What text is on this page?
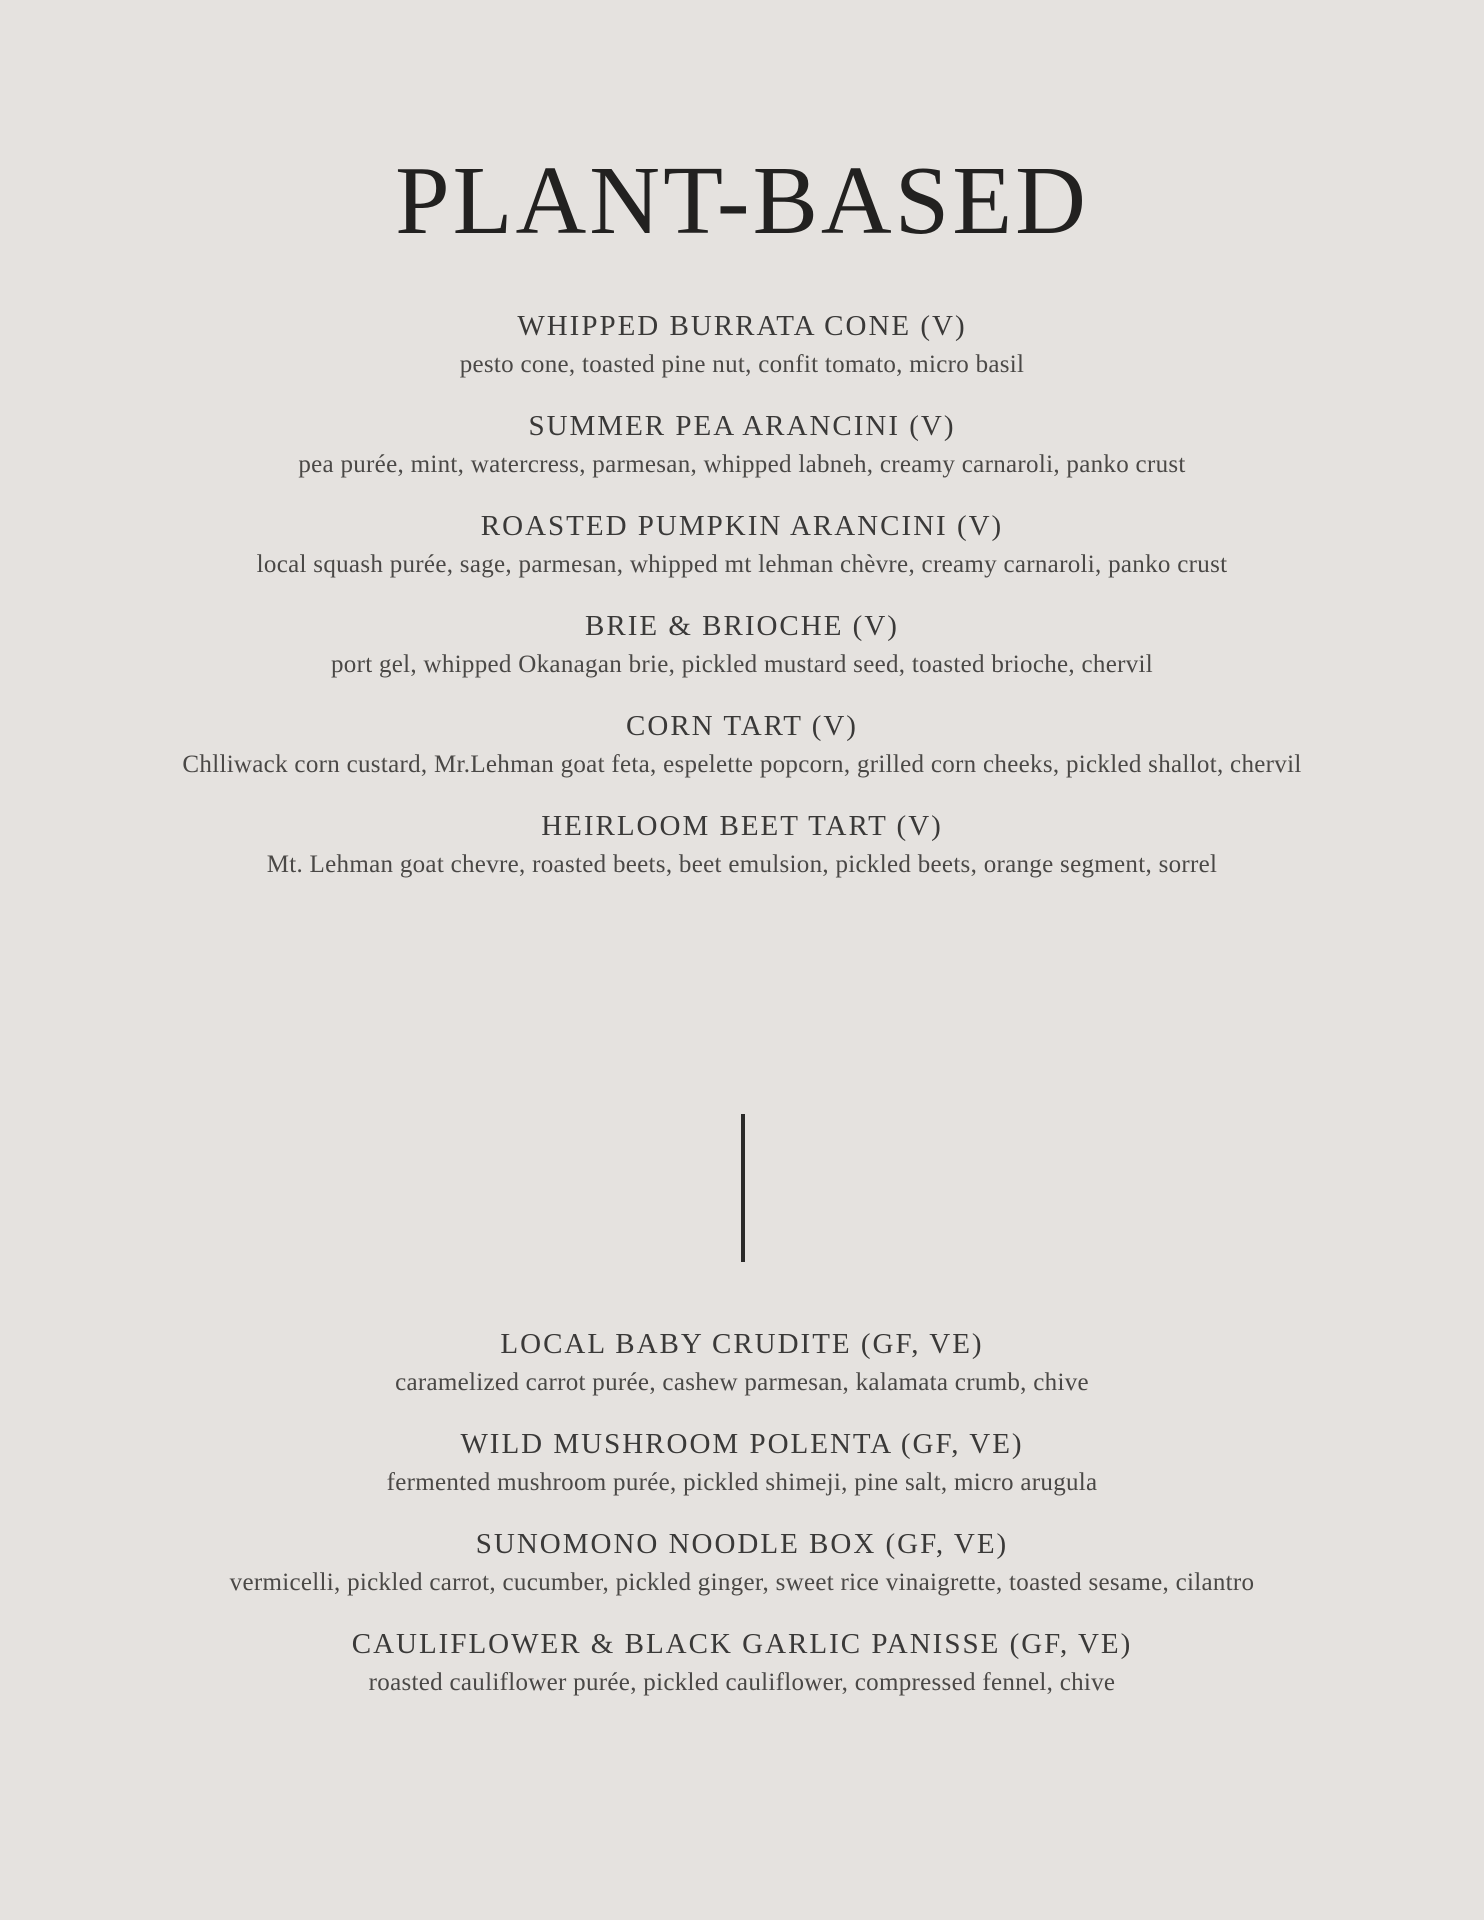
PLANT-BASED
WHIPPED BURRATA CONE (V)

pesto cone, toasted pine nut, confit tomato, micro basil

SUMMER PEA ARANCINI (V)

pea purée, mint, watercress, parmesan, whipped labneh, creamy carnaroli, panko crust

ROASTED PUMPKIN ARANCINI (V)

local squash purée, sage, parmesan, whipped mt lehman chèvre, creamy carnaroli, panko crust

BRIE & BRIOCHE (V)

port gel, whipped Okanagan brie, pickled mustard seed, toasted brioche, chervil

CORN TART (V)

Chlliwack corn custard, Mr.Lehman goat feta, espelette popcorn, grilled corn cheeks, pickled shallot, chervil

HEIRLOOM BEET TART (V)

Mt. Lehman goat chevre, roasted beets, beet emulsion, pickled beets, orange segment, sorrel

LOCAL BABY CRUDITE (GF, VE)

caramelized carrot purée, cashew parmesan, kalamata crumb, chive

WILD MUSHROOM POLENTA (GF, VE)

fermented mushroom purée, pickled shimeji, pine salt, micro arugula

SUNOMONO NOODLE BOX (GF, VE)

vermicelli, pickled carrot, cucumber, pickled ginger, sweet rice vinaigrette, toasted sesame, cilantro

CAULIFLOWER & BLACK GARLIC PANISSE (GF, VE)

roasted cauliflower purée, pickled cauliflower, compressed fennel, chive
